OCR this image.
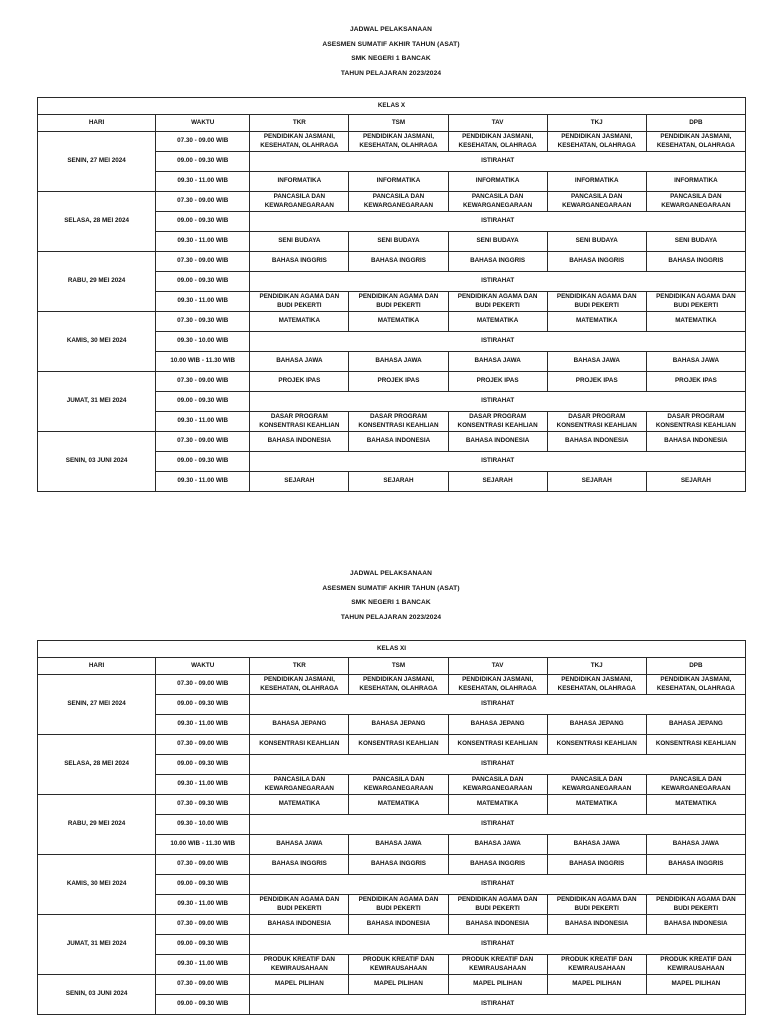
JADWAL PELAKSANAAN
ASESMEN SUMATIF AKHIR TAHUN (ASAT)
SMK NEGERI 1 BANCAK
TAHUN PELAJARAN 2023/2024
KELAS X						
HARI	WAKTU	TKR	TSM	TAV	TKJ	DPB
SENIN, 27 MEI 2024	07.30 - 09.00 WIB	PENDIDIKAN JASMANI, KESEHATAN, OLAHRAGA	PENDIDIKAN JASMANI, KESEHATAN, OLAHRAGA	PENDIDIKAN JASMANI, KESEHATAN, OLAHRAGA	PENDIDIKAN JASMANI, KESEHATAN, OLAHRAGA	PENDIDIKAN JASMANI, KESEHATAN, OLAHRAGA
	09.00 - 09.30 WIB	ISTIRAHAT				
	09.30 - 11.00 WIB	INFORMATIKA	INFORMATIKA	INFORMATIKA	INFORMATIKA	INFORMATIKA
SELASA, 28 MEI 2024	07.30 - 09.00 WIB	PANCASILA DAN KEWARGANEGARAAN	PANCASILA DAN KEWARGANEGARAAN	PANCASILA DAN KEWARGANEGARAAN	PANCASILA DAN KEWARGANEGARAAN	PANCASILA DAN KEWARGANEGARAAN
	09.00 - 09.30 WIB	ISTIRAHAT				
	09.30 - 11.00 WIB	SENI BUDAYA	SENI BUDAYA	SENI BUDAYA	SENI BUDAYA	SENI BUDAYA
RABU, 29 MEI 2024	07.30 - 09.00 WIB	BAHASA INGGRIS	BAHASA INGGRIS	BAHASA INGGRIS	BAHASA INGGRIS	BAHASA INGGRIS
	09.00 - 09.30 WIB	ISTIRAHAT				
	09.30 - 11.00 WIB	PENDIDIKAN AGAMA DAN BUDI PEKERTI	PENDIDIKAN AGAMA DAN BUDI PEKERTI	PENDIDIKAN AGAMA DAN BUDI PEKERTI	PENDIDIKAN AGAMA DAN BUDI PEKERTI	PENDIDIKAN AGAMA DAN BUDI PEKERTI
KAMIS, 30 MEI 2024	07.30 - 09.30 WIB	MATEMATIKA	MATEMATIKA	MATEMATIKA	MATEMATIKA	MATEMATIKA
	09.30 - 10.00 WIB	ISTIRAHAT				
	10.00 WIB - 11.30 WIB	BAHASA JAWA	BAHASA JAWA	BAHASA JAWA	BAHASA JAWA	BAHASA JAWA
JUMAT, 31 MEI 2024	07.30 - 09.00 WIB	PROJEK IPAS	PROJEK IPAS	PROJEK IPAS	PROJEK IPAS	PROJEK IPAS
	09.00 - 09.30 WIB	ISTIRAHAT				
	09.30 - 11.00 WIB	DASAR PROGRAM KONSENTRASI KEAHLIAN	DASAR PROGRAM KONSENTRASI KEAHLIAN	DASAR PROGRAM KONSENTRASI KEAHLIAN	DASAR PROGRAM KONSENTRASI KEAHLIAN	DASAR PROGRAM KONSENTRASI KEAHLIAN
SENIN, 03 JUNI 2024	07.30 - 09.00 WIB	BAHASA INDONESIA	BAHASA INDONESIA	BAHASA INDONESIA	BAHASA INDONESIA	BAHASA INDONESIA
	09.00 - 09.30 WIB	ISTIRAHAT				
	09.30 - 11.00 WIB	SEJARAH	SEJARAH	SEJARAH	SEJARAH	SEJARAH
JADWAL PELAKSANAAN
ASESMEN SUMATIF AKHIR TAHUN (ASAT)
SMK NEGERI 1 BANCAK
TAHUN PELAJARAN 2023/2024
KELAS XI						
HARI	WAKTU	TKR	TSM	TAV	TKJ	DPB
SENIN, 27 MEI 2024	07.30 - 09.00 WIB	PENDIDIKAN JASMANI, KESEHATAN, OLAHRAGA	PENDIDIKAN JASMANI, KESEHATAN, OLAHRAGA	PENDIDIKAN JASMANI, KESEHATAN, OLAHRAGA	PENDIDIKAN JASMANI, KESEHATAN, OLAHRAGA	PENDIDIKAN JASMANI, KESEHATAN, OLAHRAGA
	09.00 - 09.30 WIB	ISTIRAHAT				
	09.30 - 11.00 WIB	BAHASA JEPANG	BAHASA JEPANG	BAHASA JEPANG	BAHASA JEPANG	BAHASA JEPANG
SELASA, 28 MEI 2024	07.30 - 09.00 WIB	KONSENTRASI KEAHLIAN	KONSENTRASI KEAHLIAN	KONSENTRASI KEAHLIAN	KONSENTRASI KEAHLIAN	KONSENTRASI KEAHLIAN
	09.00 - 09.30 WIB	ISTIRAHAT				
	09.30 - 11.00 WIB	PANCASILA DAN KEWARGANEGARAAN	PANCASILA DAN KEWARGANEGARAAN	PANCASILA DAN KEWARGANEGARAAN	PANCASILA DAN KEWARGANEGARAAN	PANCASILA DAN KEWARGANEGARAAN
RABU, 29 MEI 2024	07.30 - 09.30 WIB	MATEMATIKA	MATEMATIKA	MATEMATIKA	MATEMATIKA	MATEMATIKA
	09.30 - 10.00 WIB	ISTIRAHAT				
	10.00 WIB - 11.30 WIB	BAHASA JAWA	BAHASA JAWA	BAHASA JAWA	BAHASA JAWA	BAHASA JAWA
KAMIS, 30 MEI 2024	07.30 - 09.00 WIB	BAHASA INGGRIS	BAHASA INGGRIS	BAHASA INGGRIS	BAHASA INGGRIS	BAHASA INGGRIS
	09.00 - 09.30 WIB	ISTIRAHAT				
	09.30 - 11.00 WIB	PENDIDIKAN AGAMA DAN BUDI PEKERTI	PENDIDIKAN AGAMA DAN BUDI PEKERTI	PENDIDIKAN AGAMA DAN BUDI PEKERTI	PENDIDIKAN AGAMA DAN BUDI PEKERTI	PENDIDIKAN AGAMA DAN BUDI PEKERTI
JUMAT, 31 MEI 2024	07.30 - 09.00 WIB	BAHASA INDONESIA	BAHASA INDONESIA	BAHASA INDONESIA	BAHASA INDONESIA	BAHASA INDONESIA
	09.00 - 09.30 WIB	ISTIRAHAT				
	09.30 - 11.00 WIB	PRODUK KREATIF DAN KEWIRAUSAHAAN	PRODUK KREATIF DAN KEWIRAUSAHAAN	PRODUK KREATIF DAN KEWIRAUSAHAAN	PRODUK KREATIF DAN KEWIRAUSAHAAN	PRODUK KREATIF DAN KEWIRAUSAHAAN
SENIN, 03 JUNI 2024	07.30 - 09.00 WIB	MAPEL PILIHAN	MAPEL PILIHAN	MAPEL PILIHAN	MAPEL PILIHAN	MAPEL PILIHAN
	09.00 - 09.30 WIB	ISTIRAHAT				
